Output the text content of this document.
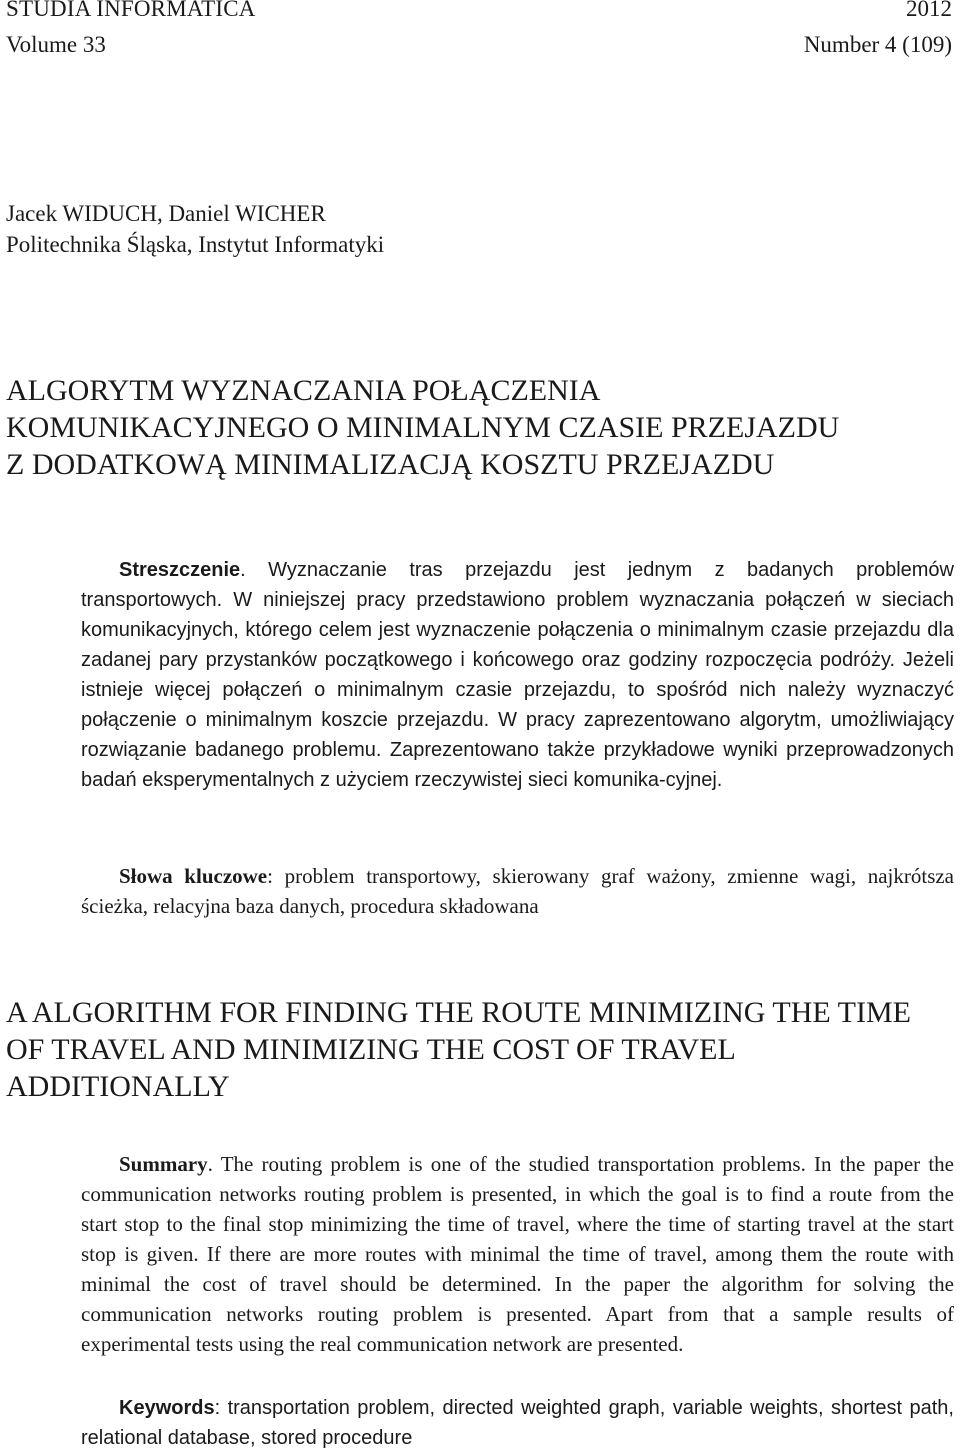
STUDIA INFORMATICA	2012
Volume 33	Number 4 (109)
Jacek WIDUCH, Daniel WICHER
Politechnika Śląska, Instytut Informatyki
ALGORYTM WYZNACZANIA POŁĄCZENIA
KOMUNIKACYJNEGO O MINIMALNYM CZASIE PRZEJAZDU
Z DODATKOWĄ MINIMALIZACJĄ KOSZTU PRZEJAZDU
Streszczenie. Wyznaczanie tras przejazdu jest jednym z badanych problemów transportowych. W niniejszej pracy przedstawiono problem wyznaczania połączeń w sieciach komunikacyjnych, którego celem jest wyznaczenie połączenia o minimalnym czasie przejazdu dla zadanej pary przystanków początkowego i końcowego oraz godziny rozpoczęcia podróży. Jeżeli istnieje więcej połączeń o minimalnym czasie przejazdu, to spośród nich należy wyznaczyć połączenie o minimalnym koszcie przejazdu. W pracy zaprezentowano algorytm, umożliwiający rozwiązanie badanego problemu. Zaprezentowano także przykładowe wyniki przeprowadzonych badań eksperymentalnych z użyciem rzeczywistej sieci komunika-cyjnej.
Słowa kluczowe: problem transportowy, skierowany graf ważony, zmienne wagi, najkrótsza ścieżka, relacyjna baza danych, procedura składowana
A ALGORITHM FOR FINDING THE ROUTE MINIMIZING THE TIME
OF TRAVEL AND MINIMIZING THE COST OF TRAVEL
ADDITIONALLY
Summary. The routing problem is one of the studied transportation problems. In the paper the communication networks routing problem is presented, in which the goal is to find a route from the start stop to the final stop minimizing the time of travel, where the time of starting travel at the start stop is given. If there are more routes with minimal the time of travel, among them the route with minimal the cost of travel should be determined. In the paper the algorithm for solving the communication networks routing problem is presented. Apart from that a sample results of experimental tests using the real communication network are presented.
Keywords: transportation problem, directed weighted graph, variable weights, shortest path, relational database, stored procedure
